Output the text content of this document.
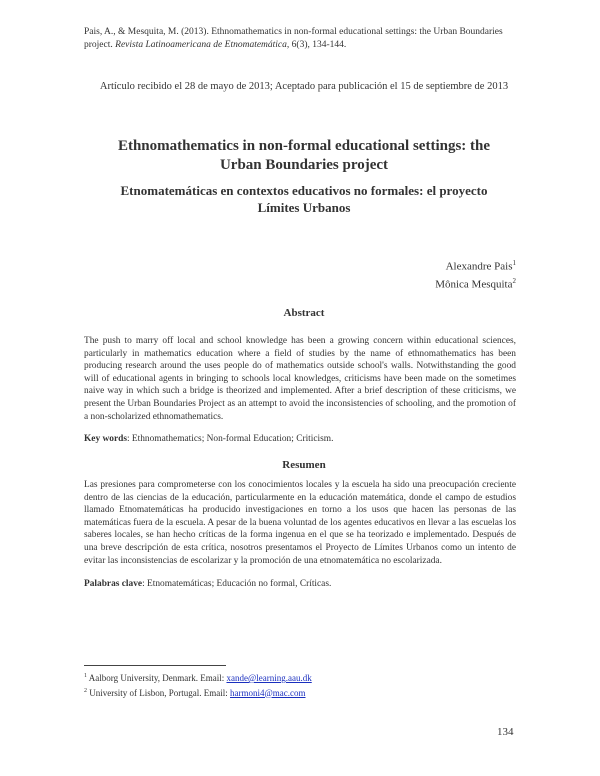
Pais, A., & Mesquita, M. (2013). Ethnomathematics in non-formal educational settings: the Urban Boundaries project. Revista Latinoamericana de Etnomatemática, 6(3), 134-144.
Artículo recibido el 28 de mayo de 2013; Aceptado para publicación el 15 de septiembre de 2013
Ethnomathematics in non-formal educational settings: the
Urban Boundaries project
Etnomatemáticas en contextos educativos no formales: el proyecto
Límites Urbanos
Alexandre Pais$^1$
Mônica Mesquita$^2$
Abstract

The push to marry off local and school knowledge has been a growing concern within educational sciences, particularly in mathematics education where a field of studies by the name of ethnomathematics has been producing research around the uses people do of mathematics outside school's walls. Notwithstanding the good will of educational agents in bringing to schools local knowledges, criticisms have been made on the sometimes naive way in which such a bridge is theorized and implemented. After a brief description of these criticisms, we present the Urban Boundaries Project as an attempt to avoid the inconsistencies of schooling, and the promotion of a non-scholarized ethnomathematics.

Key words: Ethnomathematics; Non-formal Education; Criticism.
Resumen

Las presiones para comprometerse con los conocimientos locales y la escuela ha sido una preocupación creciente dentro de las ciencias de la educación, particularmente en la educación matemática, donde el campo de estudios llamado Etnomatemáticas ha producido investigaciones en torno a los usos que hacen las personas de las matemáticas fuera de la escuela. A pesar de la buena voluntad de los agentes educativos en llevar a las escuelas los saberes locales, se han hecho críticas de la forma ingenua en el que se ha teorizado e implementado. Después de una breve descripción de esta crítica, nosotros presentamos el Proyecto de Límites Urbanos como un intento de evitar las inconsistencias de escolarizar y la promoción de una etnomatemática no escolarizada.

Palabras clave: Etnomatemáticas; Educación no formal, Críticas.
$^1$ Aalborg University, Denmark. Email: xande@learning.aau.dk
$^2$ University of Lisbon, Portugal. Email: harmoni4@mac.com
134
